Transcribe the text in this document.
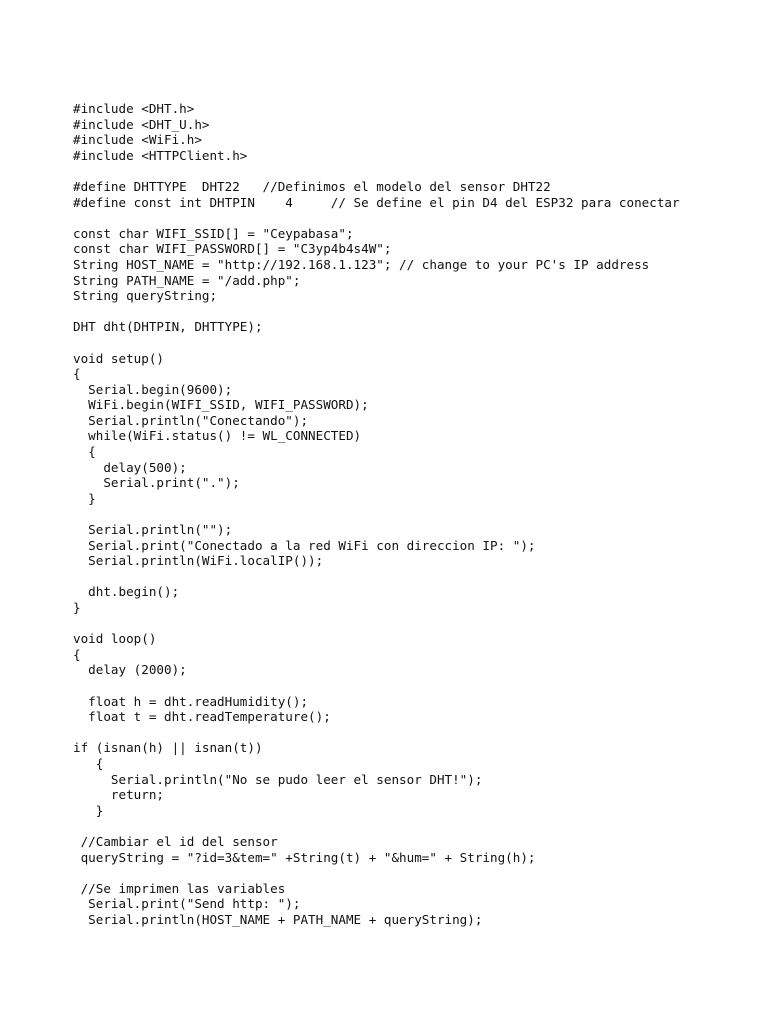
#include <DHT.h>
#include <DHT_U.h>
#include <WiFi.h>
#include <HTTPClient.h>
#define DHTTYPE  DHT22   //Definimos el modelo del sensor DHT22
#define const int DHTPIN    4     // Se define el pin D4 del ESP32 para conectar
const char WIFI_SSID[] = "Ceypabasa";
const char WIFI_PASSWORD[] = "C3yp4b4s4W";
String HOST_NAME = "http://192.168.1.123"; // change to your PC's IP address
String PATH_NAME = "/add.php";
String queryString;
DHT dht(DHTPIN, DHTTYPE);
void setup()
{
Serial.begin(9600);
WiFi.begin(WIFI_SSID, WIFI_PASSWORD);
Serial.println("Conectando");
while(WiFi.status() != WL_CONNECTED)
{
delay(500);
Serial.print(".");
}
Serial.println("");
Serial.print("Conectado a la red WiFi con direccion IP: ");
Serial.println(WiFi.localIP());
dht.begin();
}
void loop()
{
delay (2000);
float h = dht.readHumidity();
float t = dht.readTemperature();
if (isnan(h) || isnan(t))
{
Serial.println("No se pudo leer el sensor DHT!");
return;
}
//Cambiar el id del sensor
queryString = "?id=3&tem=" +String(t) + "&hum=" + String(h);
//Se imprimen las variables
Serial.print("Send http: ");
Serial.println(HOST_NAME + PATH_NAME + queryString);
